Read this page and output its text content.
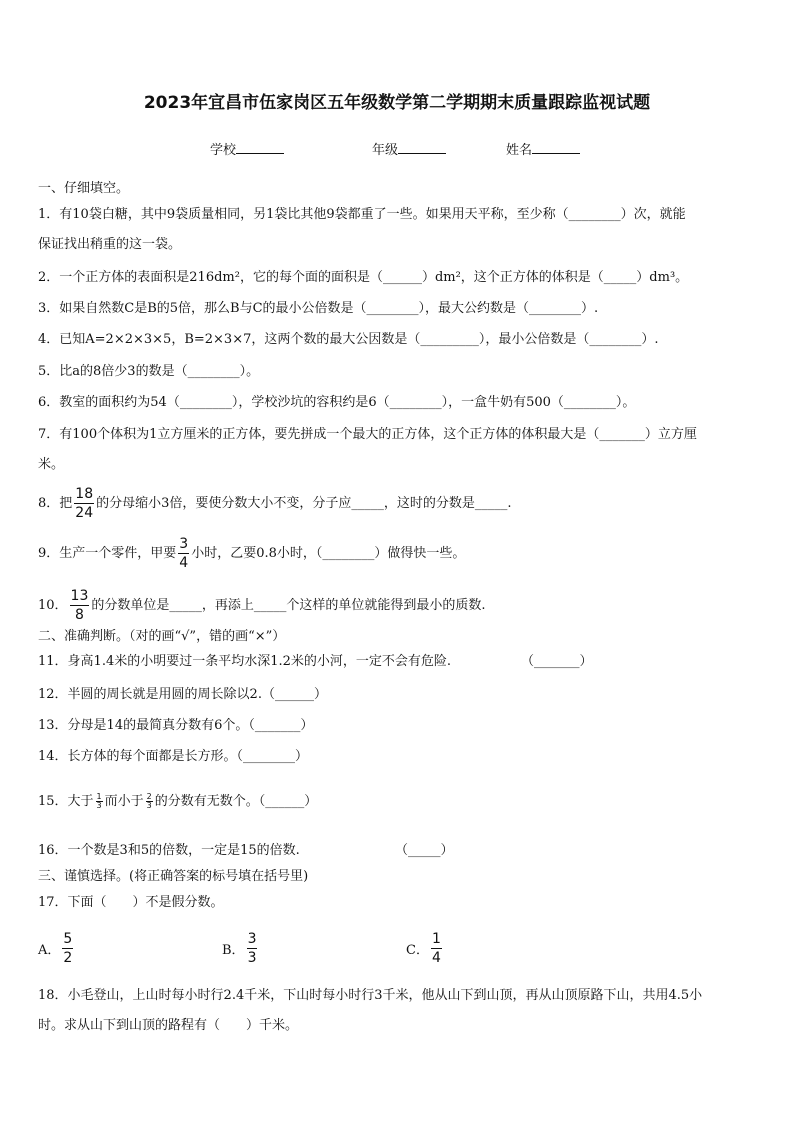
2023年宜昌市伍家岗区五年级数学第二学期期末质量跟踪监视试题
学校	年级	姓名
一、仔细填空。
1．有10袋白糖，其中9袋质量相同，另1袋比其他9袋都重了一些。如果用天平称，至少称（________）次，就能
保证找出稍重的这一袋。
2．一个正方体的表面积是216dm²，它的每个面的面积是（______）dm²，这个正方体的体积是（_____）dm³。
3．如果自然数C是B的5倍，那么B与C的最小公倍数是（________），最大公约数是（________）.
4．已知A=2×2×3×5，B=2×3×7，这两个数的最大公因数是（_________），最小公倍数是（________）.
5．比a的8倍少3的数是（________）。
6．教室的面积约为54（________），学校沙坑的容积约是6（________），一盒牛奶有500（________）。
7．有100个体积为1立方厘米的正方体，要先拼成一个最大的正方体，这个正方体的体积最大是（_______）立方厘
米。
8．把 $\frac{18}{24}$ 的分母缩小3倍，要使分数大小不变，分子应_____，这时的分数是_____.
9．生产一个零件，甲要 $\frac{3}{4}$ 小时，乙要0.8小时，（________）做得快一些。
10． $\frac{13}{8}$ 的分数单位是_____，再添上_____个这样的单位就能得到最小的质数.
二、准确判断。（对的画“√”，错的画“×”）
11．身高1.4米的小明要过一条平均水深1.2米的小河，一定不会有危险.	（_______）
12．半圆的周长就是用圆的周长除以2.（______）
13．分母是14的最简真分数有6个。（_______）
14．长方体的每个面都是长方形。（________）
15．大于 $\frac{1}{3}$ 而小于 $\frac{2}{3}$ 的分数有无数个。（______）
16．一个数是3和5的倍数，一定是15的倍数.	（_____）
三、谨慎选择。(将正确答案的标号填在括号里)
17．下面（　　）不是假分数。
A． $\frac{5}{2}$	B． $\frac{3}{3}$	C． $\frac{1}{4}$
18．小毛登山，上山时每小时行2.4千米，下山时每小时行3千米，他从山下到山顶，再从山顶原路下山，共用4.5小
时。求从山下到山顶的路程有（　　）千米。
